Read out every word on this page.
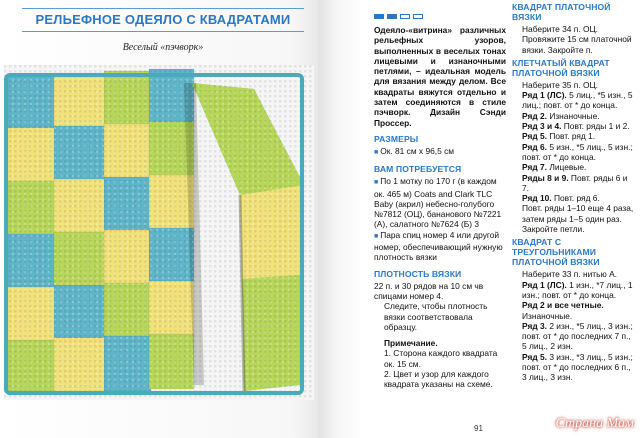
РЕЛЬЕФНОЕ ОДЕЯЛО С КВАДРАТАМИ
Веселый «пэчворк»

Одеяло-«витрина» различных рельефных узоров, выполненных в веселых тонах лицевыми и изнаночными петлями, – идеальная модель для вязания между делом. Все квадраты вяжутся отдельно и затем соединяются в стиле пэчворк. Дизайн Сэнди Проссер.

РАЗМЕРЫ

■ Ок. 81 см х 96,5 см

ВАМ ПОТРЕБУЕТСЯ

■ По 1 мотку по 170 г (в каждом ок. 465 м) Coats and Clark TLC Baby (акрил) небесно-голубого №7812 (ОЦ), бананового №7221 (А), салатного №7624 (Б) 3

■ Пара спиц номер 4 или другой номер, обеспечивающий нужную плотность вязки

ПЛОТНОСТЬ ВЯЗКИ

22 п. и 30 рядов на 10 см чв спицами номер 4.

Следите, чтобы плотность вязки соответствовала образцу.

Примечание.

1. Сторона каждого квадрата ок. 15 см.

2. Цвет и узор для каждого квадрата указаны на схеме.

КВАДРАТ ПЛАТОЧНОЙ ВЯЗКИ

Наберите 34 п. ОЦ. Провяжите 15 см платочной вязки. Закройте п.

КЛЕТЧАТЫЙ КВАДРАТ ПЛАТОЧНОЙ ВЯЗКИ

Наберите 35 п. ОЦ.

Ряд 1 (ЛС). 5 лиц., *5 изн., 5 лиц.; повт. от * до конца.

Ряд 2. Изнаночные.

Ряд 3 и 4. Повт. ряды 1 и 2.

Ряд 5. Повт. ряд 1.

Ряд 6. 5 изн., *5 лиц., 5 изн.; повт. от * до конца.

Ряд 7. Лицевые.

Ряды 8 и 9. Повт. ряды 6 и 7.

Ряд 10. Повт. ряд 6.

Повт. ряды 1–10 еще 4 раза, затем ряды 1–5 один раз. Закройте петли.

КВАДРАТ С ТРЕУГОЛЬНИКАМИ ПЛАТОЧНОЙ ВЯЗКИ

Наберите 33 п. нитью А.

Ряд 1 (ЛС). 1 изн., *7 лиц., 1 изн.; повт. от * до конца.

Ряд 2 и все четные. Изнаночные.

Ряд 3. 2 изн., *5 лиц., 3 изн.; повт. от * до последних 7 п., 5 лиц., 2 изн.

Ряд 5. 3 изн., *3 лиц., 5 изн.; повт. от * до последних 6 п., 3 лиц., 3 изн.

91	Страна Мам
